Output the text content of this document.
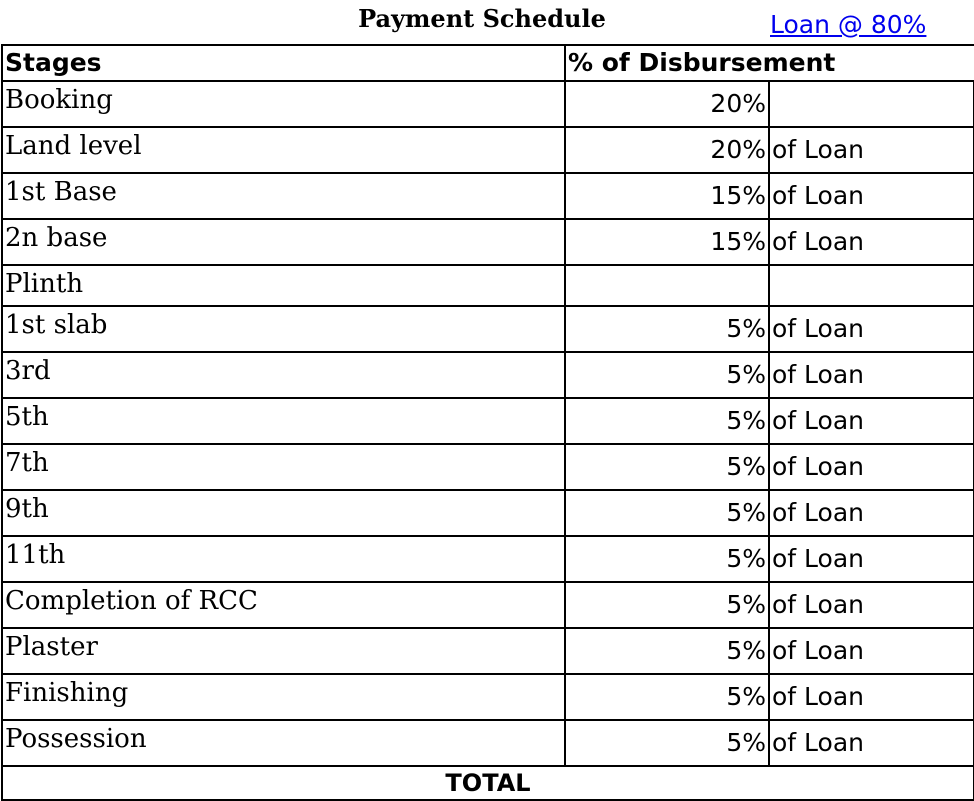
Payment Schedule	Loan @ 80%
Stages	% of Disbursement	
Booking	20%	
Land level	20%	of Loan
1st Base	15%	of Loan
2n base	15%	of Loan
Plinth		
1st slab	5%	of Loan
3rd	5%	of Loan
5th	5%	of Loan
7th	5%	of Loan
9th	5%	of Loan
11th	5%	of Loan
Completion of RCC	5%	of Loan
Plaster	5%	of Loan
Finishing	5%	of Loan
Possession	5%	of Loan
TOTAL		
